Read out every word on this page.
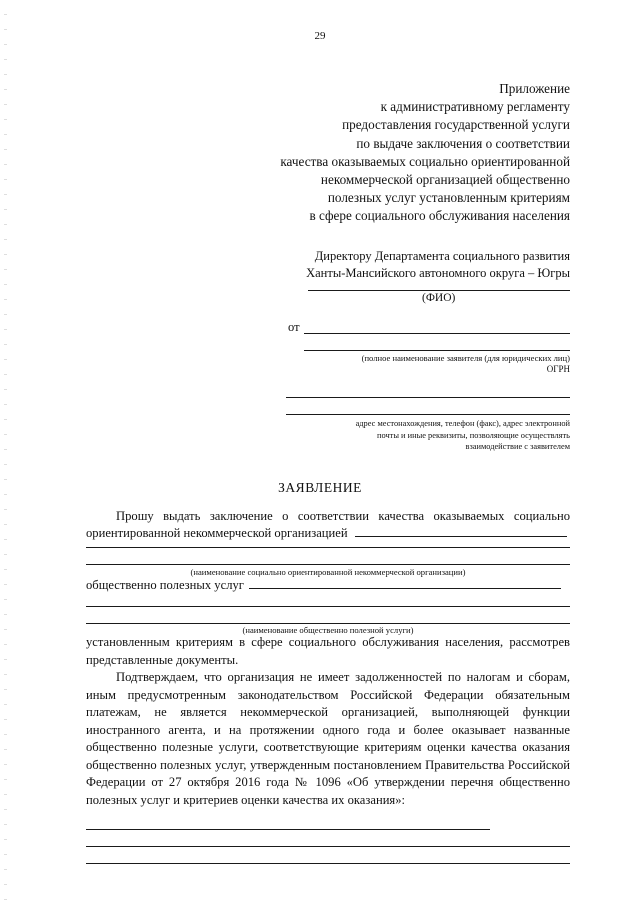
29
Приложение
к административному регламенту
предоставления государственной услуги
по выдаче заключения о соответствии
качества оказываемых социально ориентированной
некоммерческой организацией общественно
полезных услуг установленным критериям
в сфере социального обслуживания населения
Директору Департамента социального развития
Ханты-Мансийского автономного округа – Югры
(ФИО)
от
(полное наименование заявителя (для юридических лиц)
ОГРН
адрес местонахождения, телефон (факс), адрес электронной
почты и иные реквизиты, позволяющие осуществлять
взаимодействие с заявителем
ЗАЯВЛЕНИЕ
Прошу выдать заключение о соответствии качества оказываемых социально
ориентированной некоммерческой организацией
(наименование социально ориентированной некоммерческой организации)
общественно полезных услуг
(наименование общественно полезной услуги)
установленным критериям в сфере социального обслуживания населения, рассмотрев представленные документы.
Подтверждаем, что организация не имеет задолженностей по налогам и сборам, иным предусмотренным законодательством Российской Федерации обязательным платежам, не является некоммерческой организацией, выполняющей функции иностранного агента, и на протяжении одного года и более оказывает названные общественно полезные услуги, соответствующие критериям оценки качества оказания общественно полезных услуг, утвержденным постановлением Правительства Российской Федерации от 27 октября 2016 года № 1096 «Об утверждении перечня общественно полезных услуг и критериев оценки качества их оказания»:
